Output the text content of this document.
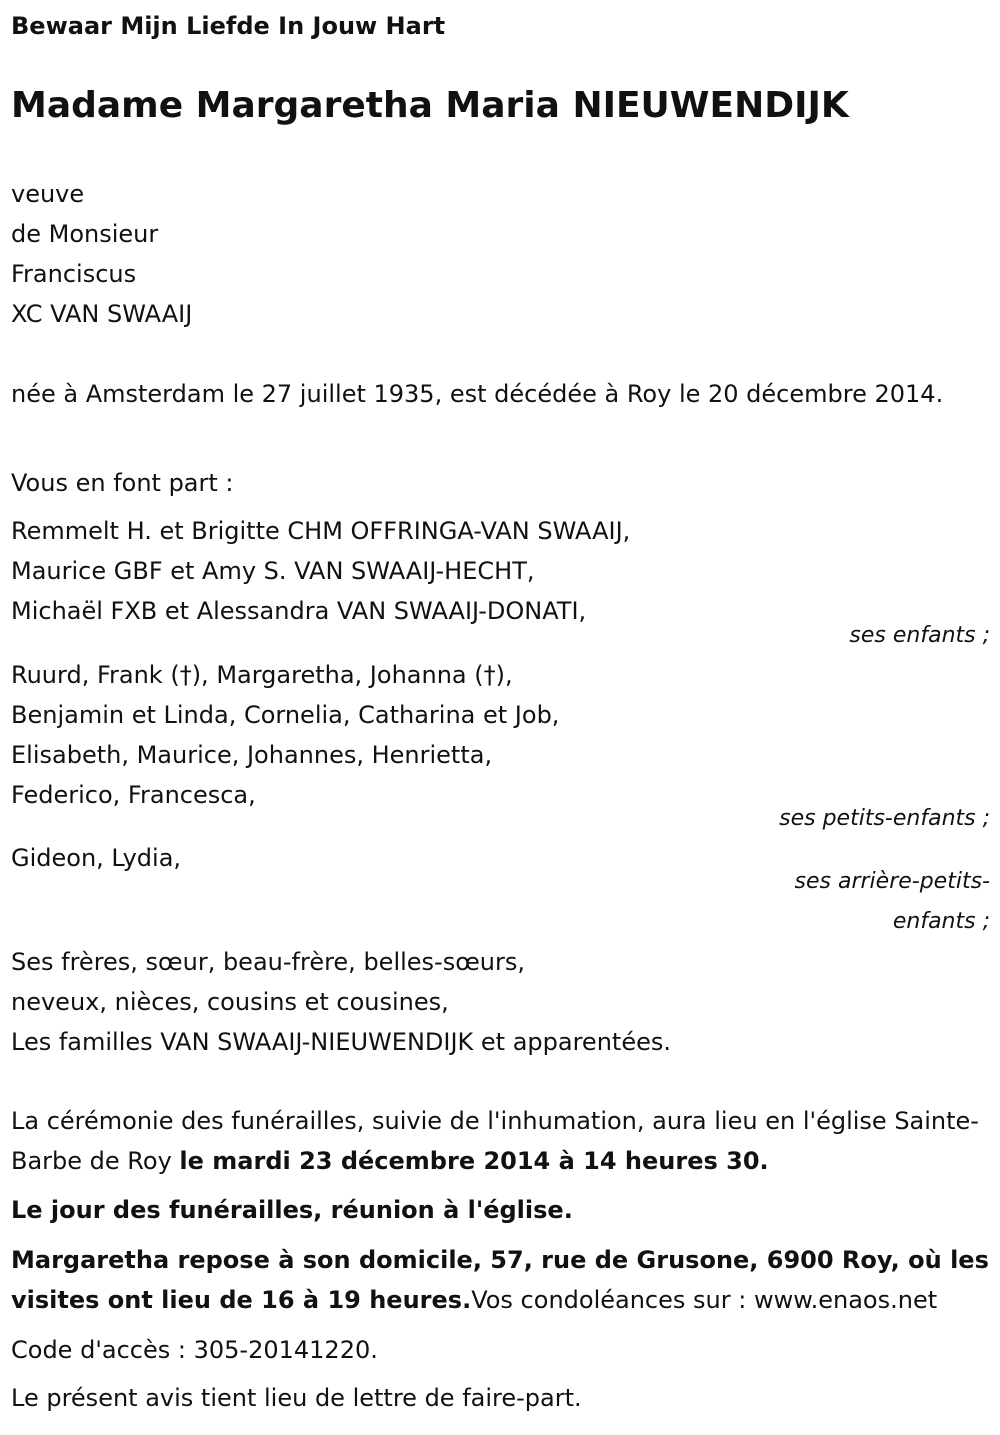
Bewaar Mijn Liefde In Jouw Hart
Madame Margaretha Maria NIEUWENDIJK
veuve
de Monsieur
Franciscus
XC VAN SWAAIJ
née à Amsterdam le 27 juillet 1935, est décédée à Roy le 20 décembre 2014.
Vous en font part :
Remmelt H. et Brigitte CHM OFFRINGA-VAN SWAAIJ,
Maurice GBF et Amy S. VAN SWAAIJ-HECHT,
Michaël FXB et Alessandra VAN SWAAIJ-DONATI,
ses enfants ;
Ruurd, Frank (†), Margaretha, Johanna (†),
Benjamin et Linda, Cornelia, Catharina et Job,
Elisabeth, Maurice, Johannes, Henrietta,
Federico, Francesca,
ses petits-enfants ;
Gideon, Lydia,
ses arrière-petits-enfants ;
Ses frères, sœur, beau-frère, belles-sœurs,
neveux, nièces, cousins et cousines,
Les familles VAN SWAAIJ-NIEUWENDIJK et apparentées.
La cérémonie des funérailles, suivie de l'inhumation, aura lieu en l'église Sainte-Barbe de Roy le mardi 23 décembre 2014 à 14 heures 30.
Le jour des funérailles, réunion à l'église.
Margaretha repose à son domicile, 57, rue de Grusone, 6900 Roy, où les visites ont lieu de 16 à 19 heures.Vos condoléances sur : www.enaos.net
Code d'accès : 305-20141220.
Le présent avis tient lieu de lettre de faire-part.
